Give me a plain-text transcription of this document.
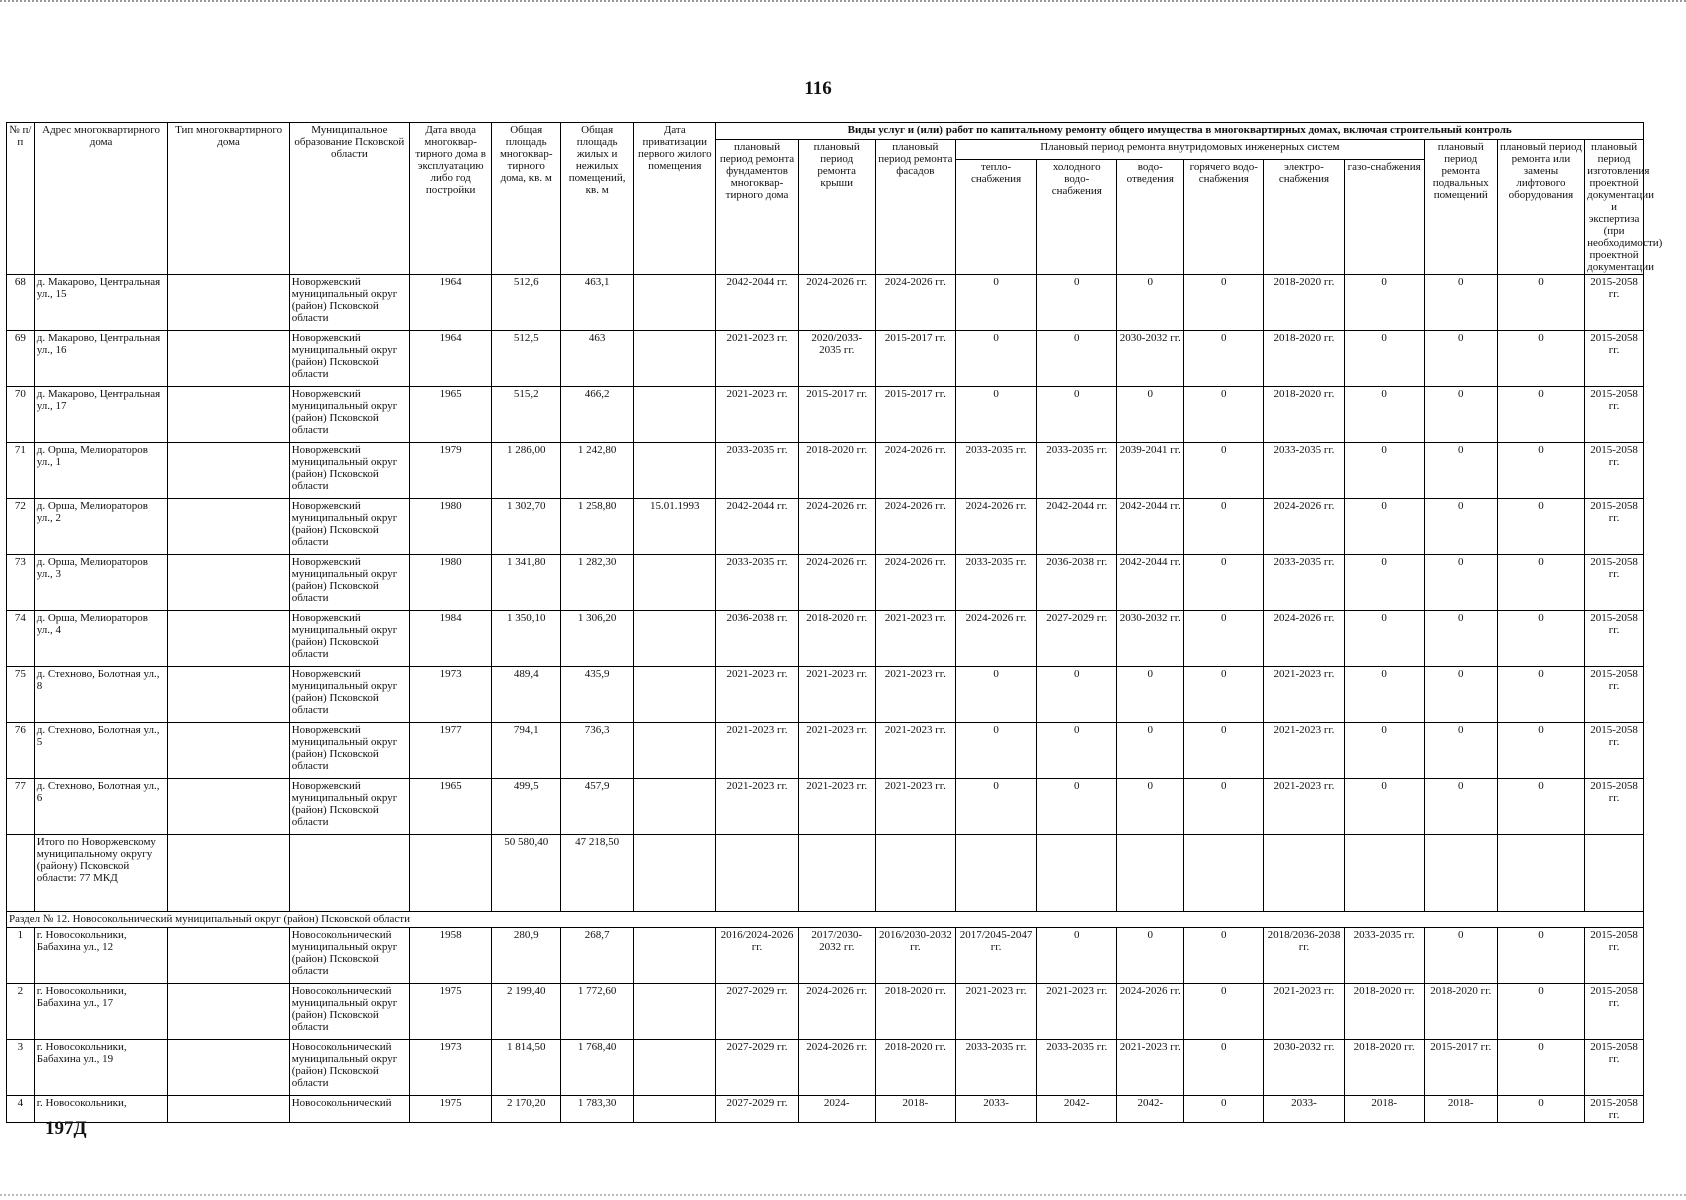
116
№ п/п	Адрес многоквартирного дома	Тип многоквартирного дома	Муниципальное образование Псковской области	Дата ввода многоквар-тирного дома в эксплуатацию либо год постройки	Общая площадь многоквар-тирного дома, кв. м	Общая площадь жилых и нежилых помещений, кв. м	Дата приватизации первого жилого помещения	Виды услуг и (или) работ по капитальному ремонту общего имущества в многоквартирных домах, включая строительный контроль											
								плановый период ремонта фундаментов многоквар-тирного дома	плановый период ремонта крыши	плановый период ремонта фасадов	Плановый период ремонта внутридомовых инженерных систем						плановый период ремонта подвальных помещений	плановый период ремонта или замены лифтового оборудования	плановый период изготовления проектной документации и экспертиза (при необходимости) проектной документации
											тепло-снабжения	холодного водо-снабжения	водо-отведения	горячего водо-снабжения	электро-снабжения	газо-снабжения			
68	д. Макарово, Центральная ул., 15		Новоржевский муниципальный округ (район) Псковской области	1964	512,6	463,1		2042-2044 гг.	2024-2026 гг.	2024-2026 гг.	0	0	0	0	2018-2020 гг.	0	0	0	2015-2058 гг.
69	д. Макарово, Центральная ул., 16		Новоржевский муниципальный округ (район) Псковской области	1964	512,5	463		2021-2023 гг.	2020/2033-2035 гг.	2015-2017 гг.	0	0	2030-2032 гг.	0	2018-2020 гг.	0	0	0	2015-2058 гг.
70	д. Макарово, Центральная ул., 17		Новоржевский муниципальный округ (район) Псковской области	1965	515,2	466,2		2021-2023 гг.	2015-2017 гг.	2015-2017 гг.	0	0	0	0	2018-2020 гг.	0	0	0	2015-2058 гг.
71	д. Орша, Мелиораторов ул., 1		Новоржевский муниципальный округ (район) Псковской области	1979	1 286,00	1 242,80		2033-2035 гг.	2018-2020 гг.	2024-2026 гг.	2033-2035 гг.	2033-2035 гг.	2039-2041 гг.	0	2033-2035 гг.	0	0	0	2015-2058 гг.
72	д. Орша, Мелиораторов ул., 2		Новоржевский муниципальный округ (район) Псковской области	1980	1 302,70	1 258,80	15.01.1993	2042-2044 гг.	2024-2026 гг.	2024-2026 гг.	2024-2026 гг.	2042-2044 гг.	2042-2044 гг.	0	2024-2026 гг.	0	0	0	2015-2058 гг.
73	д. Орша, Мелиораторов ул., 3		Новоржевский муниципальный округ (район) Псковской области	1980	1 341,80	1 282,30		2033-2035 гг.	2024-2026 гг.	2024-2026 гг.	2033-2035 гг.	2036-2038 гг.	2042-2044 гг.	0	2033-2035 гг.	0	0	0	2015-2058 гг.
74	д. Орша, Мелиораторов ул., 4		Новоржевский муниципальный округ (район) Псковской области	1984	1 350,10	1 306,20		2036-2038 гг.	2018-2020 гг.	2021-2023 гг.	2024-2026 гг.	2027-2029 гг.	2030-2032 гг.	0	2024-2026 гг.	0	0	0	2015-2058 гг.
75	д. Стехново, Болотная ул., 8		Новоржевский муниципальный округ (район) Псковской области	1973	489,4	435,9		2021-2023 гг.	2021-2023 гг.	2021-2023 гг.	0	0	0	0	2021-2023 гг.	0	0	0	2015-2058 гг.
76	д. Стехново, Болотная ул., 5		Новоржевский муниципальный округ (район) Псковской области	1977	794,1	736,3		2021-2023 гг.	2021-2023 гг.	2021-2023 гг.	0	0	0	0	2021-2023 гг.	0	0	0	2015-2058 гг.
77	д. Стехново, Болотная ул., 6		Новоржевский муниципальный округ (район) Псковской области	1965	499,5	457,9		2021-2023 гг.	2021-2023 гг.	2021-2023 гг.	0	0	0	0	2021-2023 гг.	0	0	0	2015-2058 гг.
	Итого по Новоржевскому муниципальному округу (району) Псковской области: 77 МКД				50 580,40	47 218,50													
Раздел № 12. Новосокольнический муниципальный округ (район) Псковской области																			
1	г. Новосокольники, Бабахина ул., 12		Новосокольнический муниципальный округ (район) Псковской области	1958	280,9	268,7		2016/2024-2026 гг.	2017/2030-2032 гг.	2016/2030-2032 гг.	2017/2045-2047 гг.	0	0	0	2018/2036-2038 гг.	2033-2035 гг.	0	0	2015-2058 гг.
2	г. Новосокольники, Бабахина ул., 17		Новосокольнический муниципальный округ (район) Псковской области	1975	2 199,40	1 772,60		2027-2029 гг.	2024-2026 гг.	2018-2020 гг.	2021-2023 гг.	2021-2023 гг.	2024-2026 гг.	0	2021-2023 гг.	2018-2020 гг.	2018-2020 гг.	0	2015-2058 гг.
3	г. Новосокольники, Бабахина ул., 19		Новосокольнический муниципальный округ (район) Псковской области	1973	1 814,50	1 768,40		2027-2029 гг.	2024-2026 гг.	2018-2020 гг.	2033-2035 гг.	2033-2035 гг.	2021-2023 гг.	0	2030-2032 гг.	2018-2020 гг.	2015-2017 гг.	0	2015-2058 гг.
4	г. Новосокольники,		Новосокольнический	1975	2 170,20	1 783,30		2027-2029 гг.	2024-	2018-	2033-	2042-	2042-	0	2033-	2018-	2018-	0	2015-2058 гг.
197Д
